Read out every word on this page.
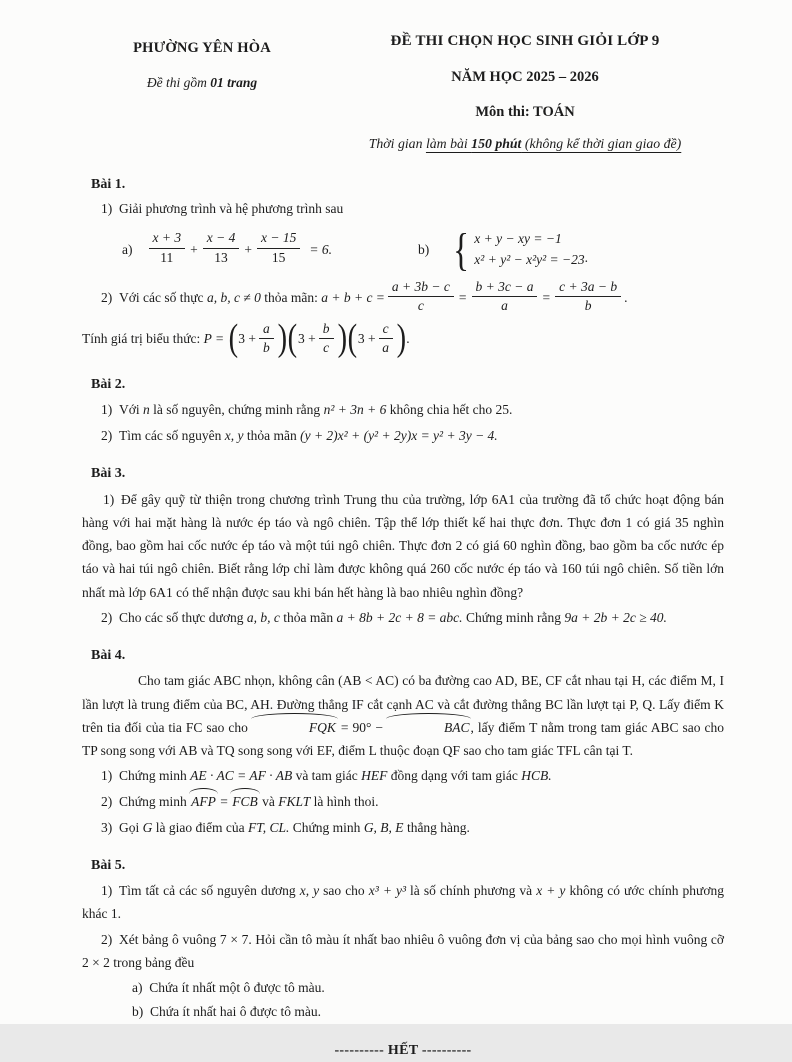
PHƯỜNG YÊN HÒA
Đề thi gồm 01 trang
ĐỀ THI CHỌN HỌC SINH GIỎI LỚP 9
NĂM HỌC 2025 – 2026
Môn thi: TOÁN
Thời gian làm bài 150 phút (không kể thời gian giao đề)
Bài 1.

1) Giải phương trình và hệ phương trình sau

$a) \frac{x + 3}{11} + \frac{x - 4}{13} + \frac{x - 15}{15} = 6$.	b) { x + y − xy = −1
x² + y² − x²y² = −23 .

2) Với các số thực a, b, c ≠ 0 thỏa mãn: $a + b + c = \frac{a + 3b - c}{c} = \frac{b + 3c - a}{a} = \frac{c + 3a - b}{b}$ .

Tính giá trị biểu thức: $P = (3 + \frac{a}{b} )(3 + \frac{b}{c} )(3 + \frac{c}{a}$ ).

Bài 2.

1) Với n là số nguyên, chứng minh rằng n² + 3n + 6 không chia hết cho 25.

2) Tìm các số nguyên x, y thỏa mãn (y + 2)x² + (y² + 2y)x = y² + 3y − 4.

Bài 3.

1) Để gây quỹ từ thiện trong chương trình Trung thu của trường, lớp 6A1 của trường đã tổ chức hoạt động bán hàng với hai mặt hàng là nước ép táo và ngô chiên. Tập thể lớp thiết kế hai thực đơn. Thực đơn 1 có giá 35 nghìn đồng, bao gồm hai cốc nước ép táo và một túi ngô chiên. Thực đơn 2 có giá 60 nghìn đồng, bao gồm ba cốc nước ép táo và hai túi ngô chiên. Biết rằng lớp chỉ làm được không quá 260 cốc nước ép táo và 160 túi ngô chiên. Số tiền lớn nhất mà lớp 6A1 có thể nhận được sau khi bán hết hàng là bao nhiêu nghìn đồng?

2) Cho các số thực dương a, b, c thỏa mãn a + 8b + 2c + 8 = abc. Chứng minh rằng 9a + 2b + 2c ≥ 40.

Bài 4.

Cho tam giác ABC nhọn, không cân (AB < AC) có ba đường cao AD, BE, CF cắt nhau tại H, các điểm M, I lần lượt là trung điểm của BC, AH. Đường thẳng IF cắt cạnh AC và cắt đường thẳng BC lần lượt tại P, Q. Lấy điểm K trên tia đối của tia FC sao cho	FQK = 90° −	BAC, lấy điểm T nằm trong tam giác ABC sao cho TP song song với AB và TQ song song với EF, điểm L thuộc đoạn QF sao cho tam giác TFL cân tại T.

1) Chứng minh AE · AC = AF · AB và tam giác HEF đồng dạng với tam giác HCB.

2) Chứng minh AFP = FCB và FKLT là hình thoi.

3) Gọi G là giao điểm của FT, CL. Chứng minh G, B, E thẳng hàng.

Bài 5.

1) Tìm tất cả các số nguyên dương x, y sao cho x³ + y³ là số chính phương và x + y không có ước chính phương khác 1.

2) Xét bảng ô vuông 7 × 7. Hỏi cần tô màu ít nhất bao nhiêu ô vuông đơn vị của bảng sao cho mọi hình vuông cỡ 2 × 2 trong bảng đều

a) Chứa ít nhất một ô được tô màu.

b) Chứa ít nhất hai ô được tô màu.

---------- HẾT ----------
